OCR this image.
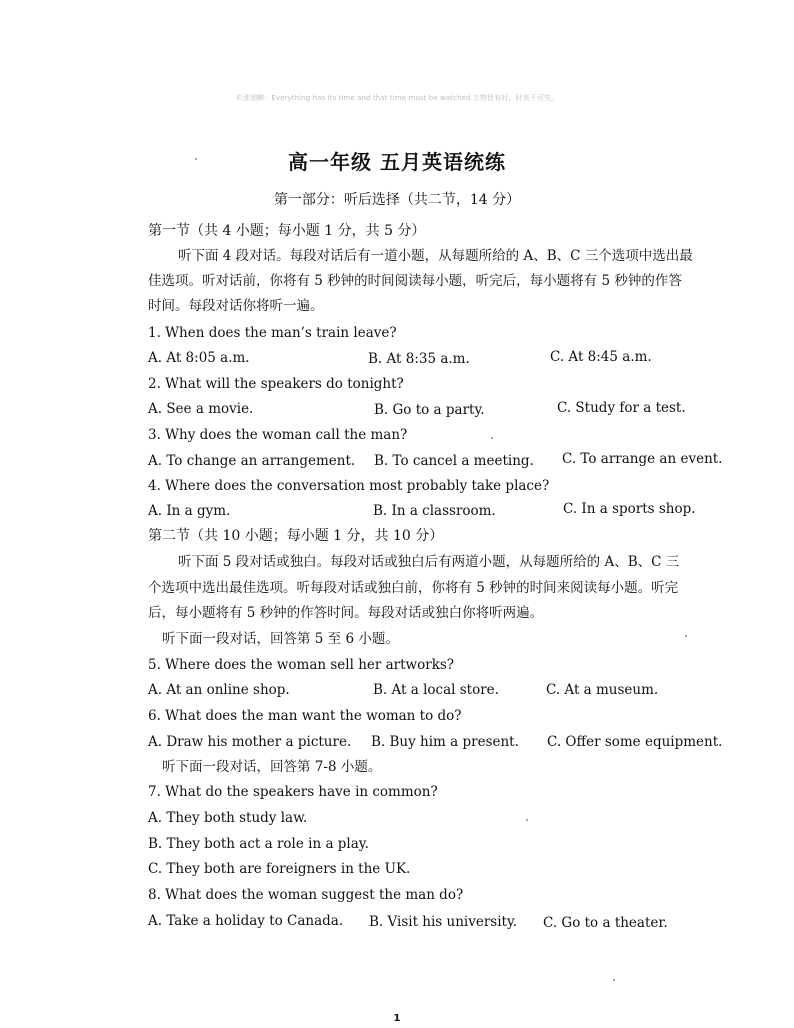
©涨朋醉：Everything has its time and that time must be watched.万物皆有时，时来不可失。
高一年级 五月英语统练
第一部分：听后选择（共二节，14 分）
第一节（共 4 小题；每小题 1 分，共 5 分）
听下面 4 段对话。每段对话后有一道小题，从每题所给的 A、B、C 三个选项中选出最
佳选项。听对话前，你将有 5 秒钟的时间阅读每小题，听完后，每小题将有 5 秒钟的作答
时间。每段对话你将听一遍。
1. When does the man’s train leave?
A. At 8:05 a.m.	B. At 8:35 a.m.	C. At 8:45 a.m.
2. What will the speakers do tonight?
A. See a movie.	B. Go to a party.	C. Study for a test.
3. Why does the woman call the man?
A. To change an arrangement. B. To cancel a meeting. C. To arrange an event.
4. Where does the conversation most probably take place?
A. In a gym.	B. In a classroom.	C. In a sports shop.
第二节（共 10 小题；每小题 1 分，共 10 分）
听下面 5 段对话或独白。每段对话或独白后有两道小题，从每题所给的 A、B、C 三
个选项中选出最佳选项。听每段对话或独白前，你将有 5 秒钟的时间来阅读每小题。听完
后，每小题将有 5 秒钟的作答时间。每段对话或独白你将听两遍。
听下面一段对话，回答第 5 至 6 小题。
5. Where does the woman sell her artworks?
A. At an online shop.	B. At a local store.	C. At a museum.
6. What does the man want the woman to do?
A. Draw his mother a picture. B. Buy him a present. C. Offer some equipment.
听下面一段对话，回答第 7-8 小题。
7. What do the speakers have in common?
A. They both study law.
B. They both act a role in a play.
C. They both are foreigners in the UK.
8. What does the woman suggest the man do?
A. Take a holiday to Canada. B. Visit his university. C. Go to a theater.
1
